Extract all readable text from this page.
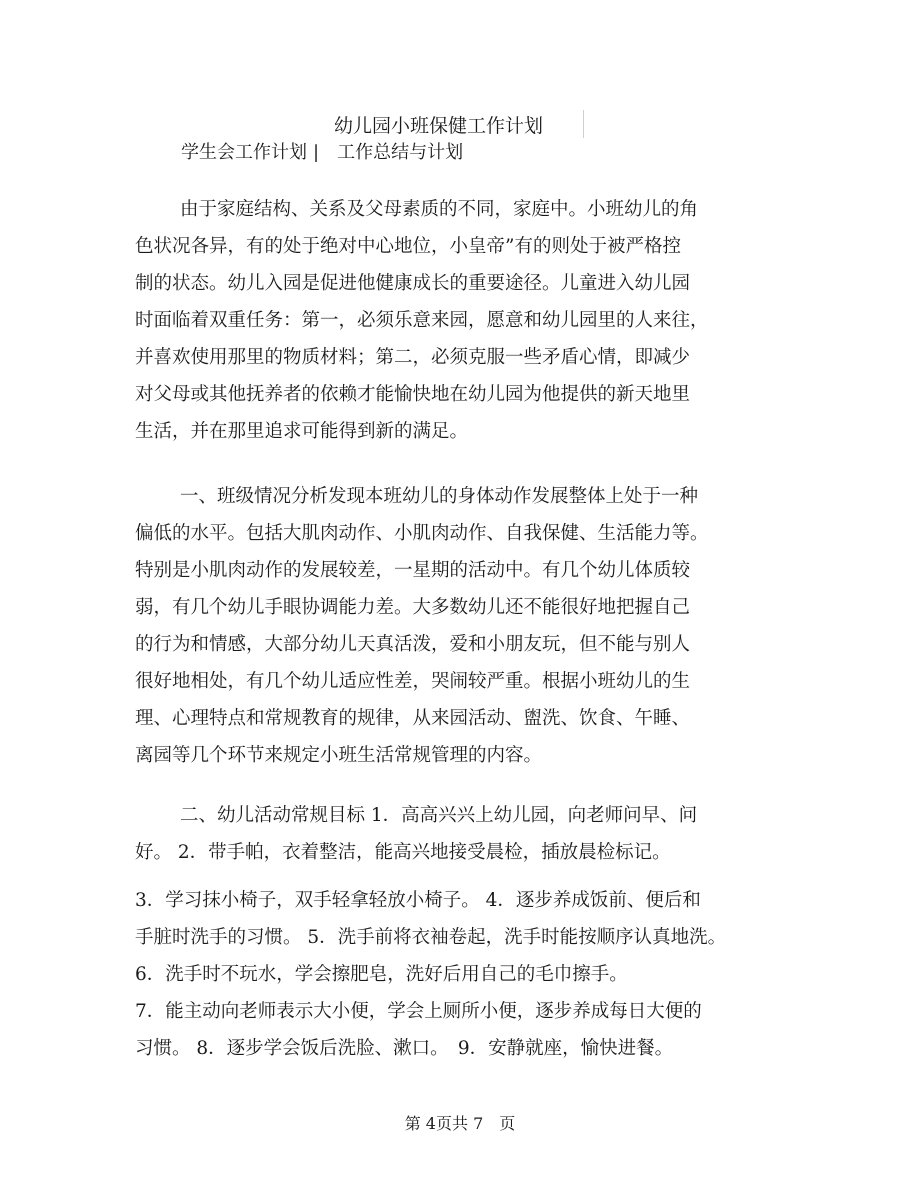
幼儿园小班保健工作计划
学生会工作计划 | 工作总结与计划
由于家庭结构、关系及父母素质的不同，家庭中。小班幼儿的角
色状况各异，有的处于绝对中心地位，小皇帝”有的则处于被严格控
制的状态。幼儿入园是促进他健康成长的重要途径。儿童进入幼儿园
时面临着双重任务：第一，必须乐意来园，愿意和幼儿园里的人来往，
并喜欢使用那里的物质材料；第二，必须克服一些矛盾心情，即减少
对父母或其他抚养者的依赖才能愉快地在幼儿园为他提供的新天地里
生活，并在那里追求可能得到新的满足。
一、班级情况分析发现本班幼儿的身体动作发展整体上处于一种
偏低的水平。包括大肌肉动作、小肌肉动作、自我保健、生活能力等。
特别是小肌肉动作的发展较差，一星期的活动中。有几个幼儿体质较
弱，有几个幼儿手眼协调能力差。大多数幼儿还不能很好地把握自己
的行为和情感，大部分幼儿天真活泼，爱和小朋友玩，但不能与别人
很好地相处，有几个幼儿适应性差，哭闹较严重。根据小班幼儿的生
理、心理特点和常规教育的规律，从来园活动、盥洗、饮食、午睡、
离园等几个环节来规定小班生活常规管理的内容。
二、幼儿活动常规目标 1．高高兴兴上幼儿园，向老师问早、问
好。 2．带手帕，衣着整洁，能高兴地接受晨检，插放晨检标记。
3．学习抹小椅子，双手轻拿轻放小椅子。 4．逐步养成饭前、便后和
手脏时洗手的习惯。 5．洗手前将衣袖卷起，洗手时能按顺序认真地洗。
6．洗手时不玩水，学会擦肥皂，洗好后用自己的毛巾擦手。
7．能主动向老师表示大小便，学会上厕所小便，逐步养成每日大便的
习惯。 8．逐步学会饭后洗脸、漱口。　9．安静就座，愉快进餐。
第 4页共 7　页
